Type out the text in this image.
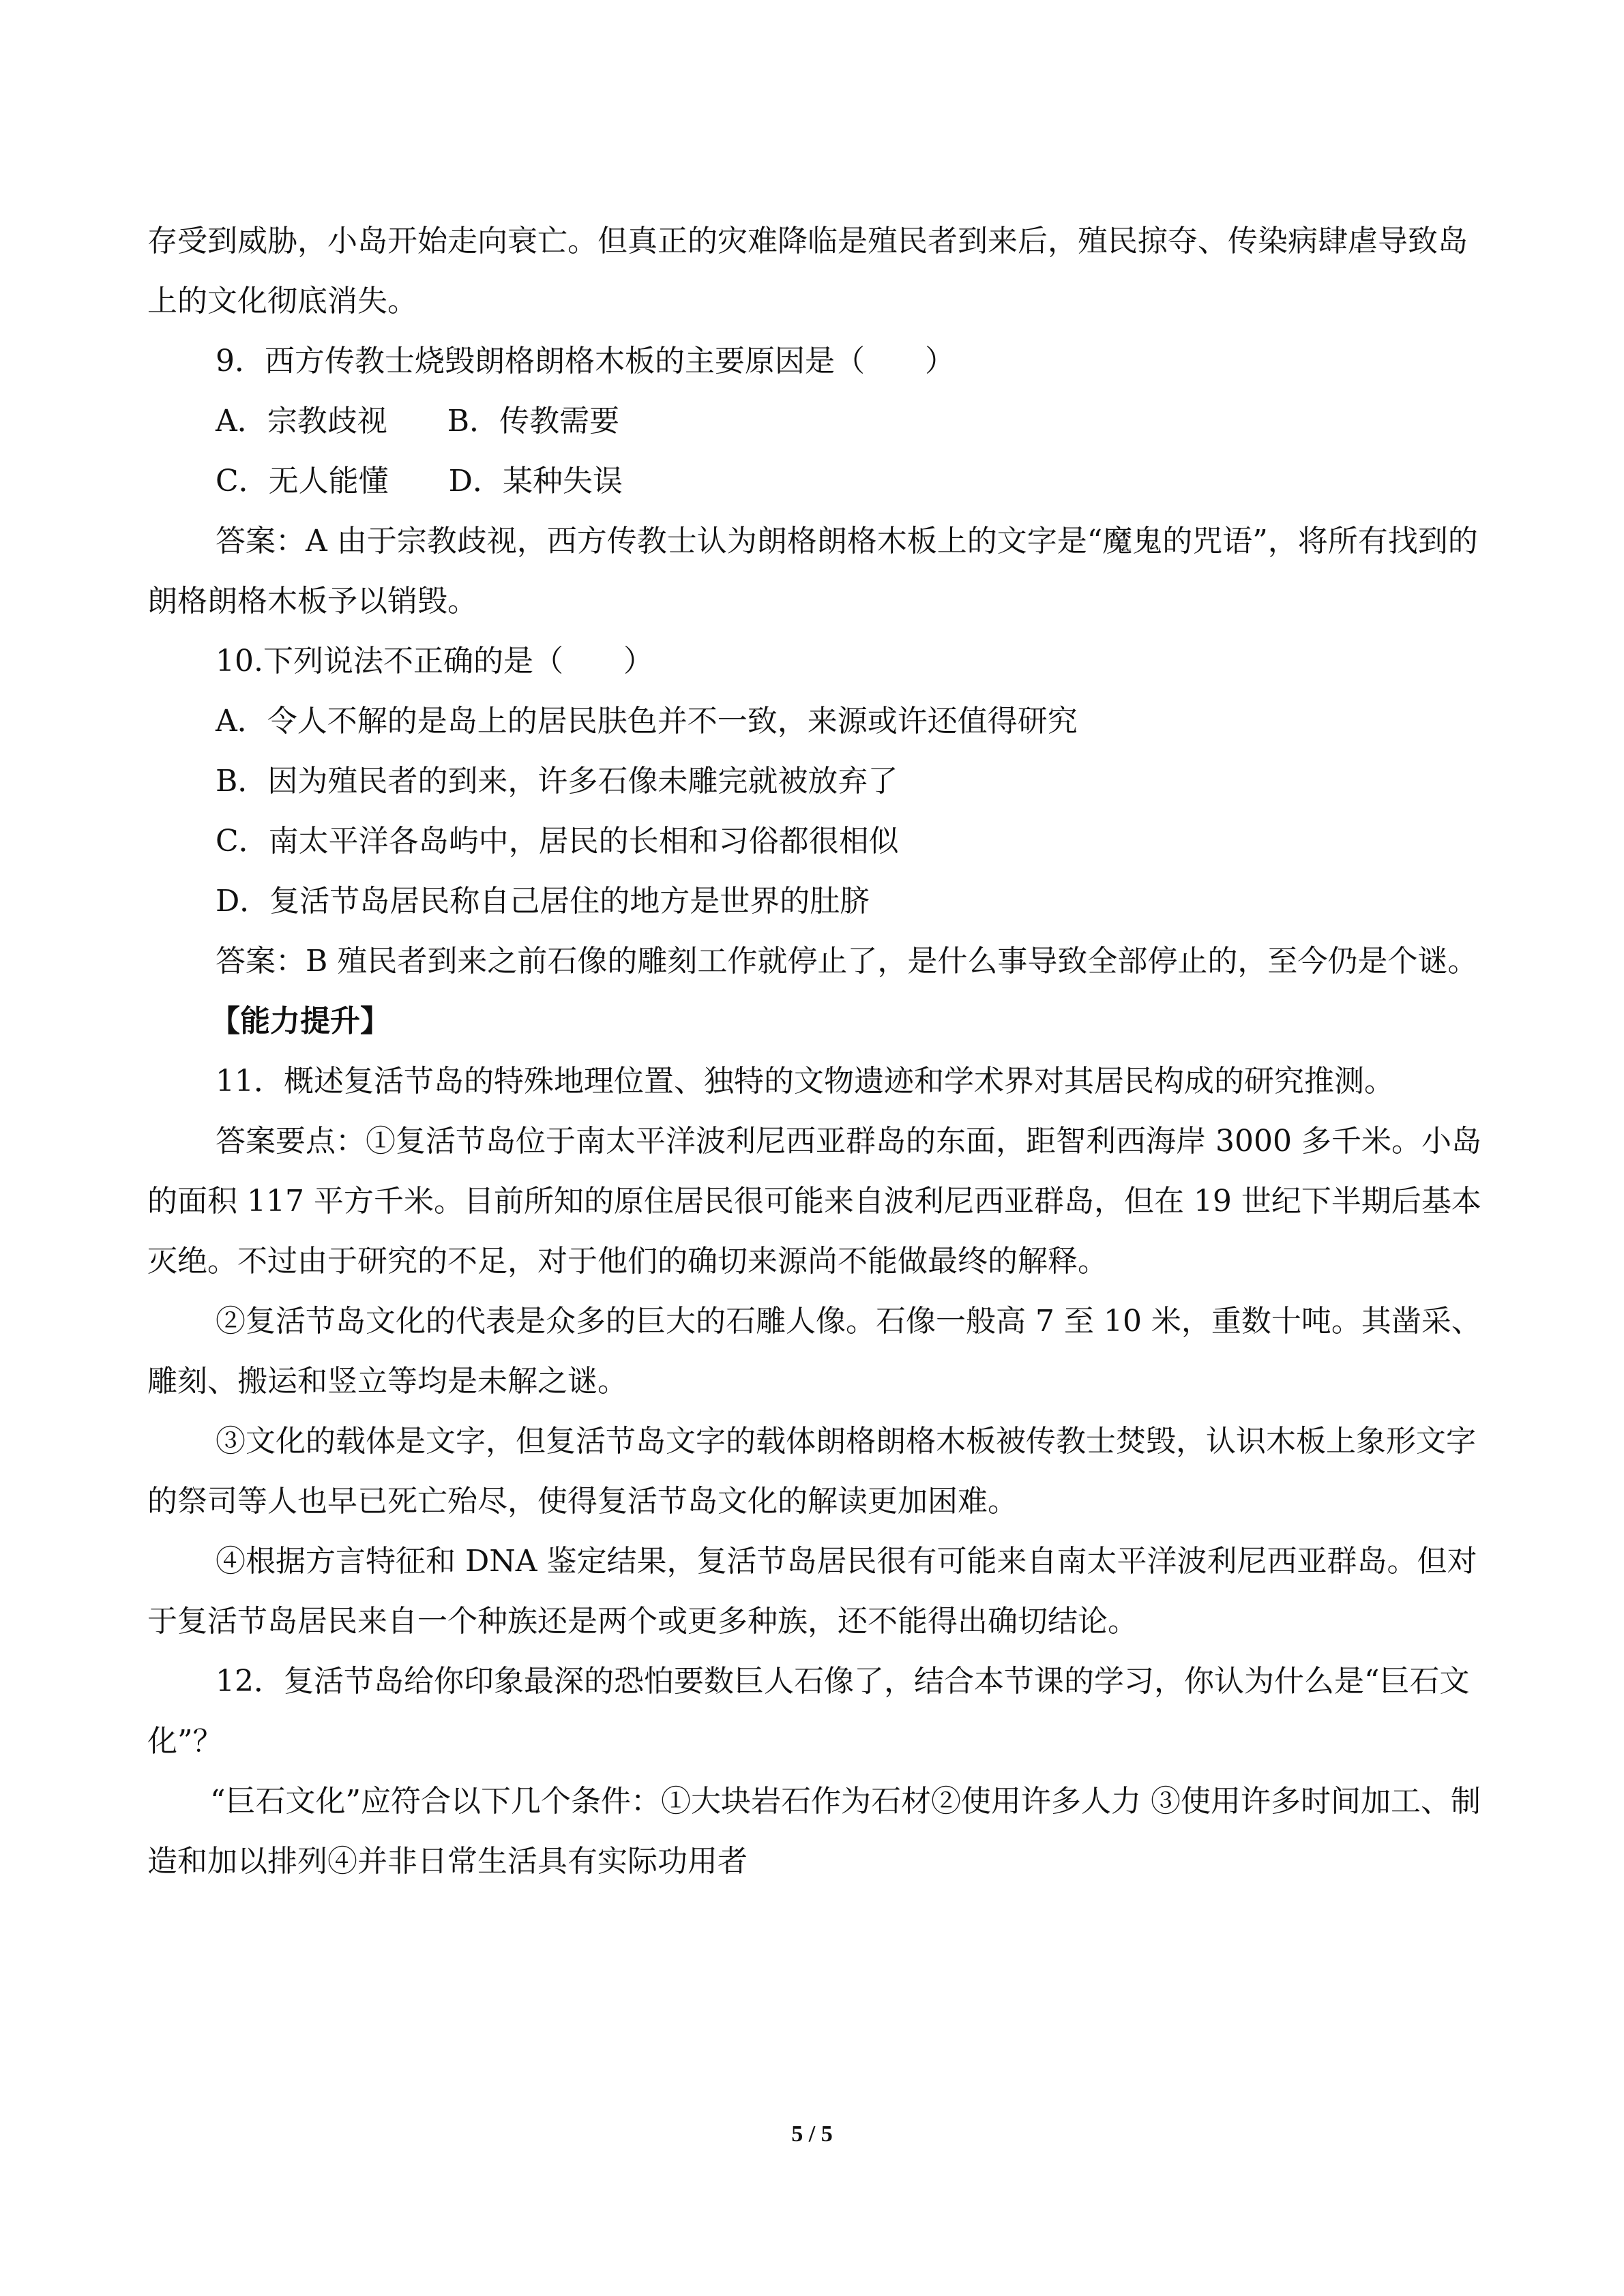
存受到威胁，小岛开始走向衰亡。但真正的灾难降临是殖民者到来后，殖民掠夺、传染病肆虐导致岛上的文化彻底消失。

9．西方传教士烧毁朗格朗格木板的主要原因是（　　）

A．宗教歧视　　B．传教需要

C．无人能懂　　D．某种失误

答案：A 由于宗教歧视，西方传教士认为朗格朗格木板上的文字是“魔鬼的咒语”，将所有找到的朗格朗格木板予以销毁。

10.下列说法不正确的是（　　）

A．令人不解的是岛上的居民肤色并不一致，来源或许还值得研究

B．因为殖民者的到来，许多石像未雕完就被放弃了

C．南太平洋各岛屿中，居民的长相和习俗都很相似

D．复活节岛居民称自己居住的地方是世界的肚脐

答案：B 殖民者到来之前石像的雕刻工作就停止了，是什么事导致全部停止的，至今仍是个谜。

【能力提升】

11．概述复活节岛的特殊地理位置、独特的文物遗迹和学术界对其居民构成的研究推测。

答案要点：①复活节岛位于南太平洋波利尼西亚群岛的东面，距智利西海岸 3000 多千米。小岛的面积 117 平方千米。目前所知的原住居民很可能来自波利尼西亚群岛，但在 19 世纪下半期后基本灭绝。不过由于研究的不足，对于他们的确切来源尚不能做最终的解释。

②复活节岛文化的代表是众多的巨大的石雕人像。石像一般高 7 至 10 米，重数十吨。其凿采、雕刻、搬运和竖立等均是未解之谜。

③文化的载体是文字，但复活节岛文字的载体朗格朗格木板被传教士焚毁，认识木板上象形文字的祭司等人也早已死亡殆尽，使得复活节岛文化的解读更加困难。

④根据方言特征和 DNA 鉴定结果，复活节岛居民很有可能来自南太平洋波利尼西亚群岛。但对于复活节岛居民来自一个种族还是两个或更多种族，还不能得出确切结论。

12．复活节岛给你印象最深的恐怕要数巨人石像了，结合本节课的学习，你认为什么是“巨石文化”？

“巨石文化”应符合以下几个条件：①大块岩石作为石材②使用许多人力 ③使用许多时间加工、制造和加以排列④并非日常生活具有实际功用者

5 / 5
